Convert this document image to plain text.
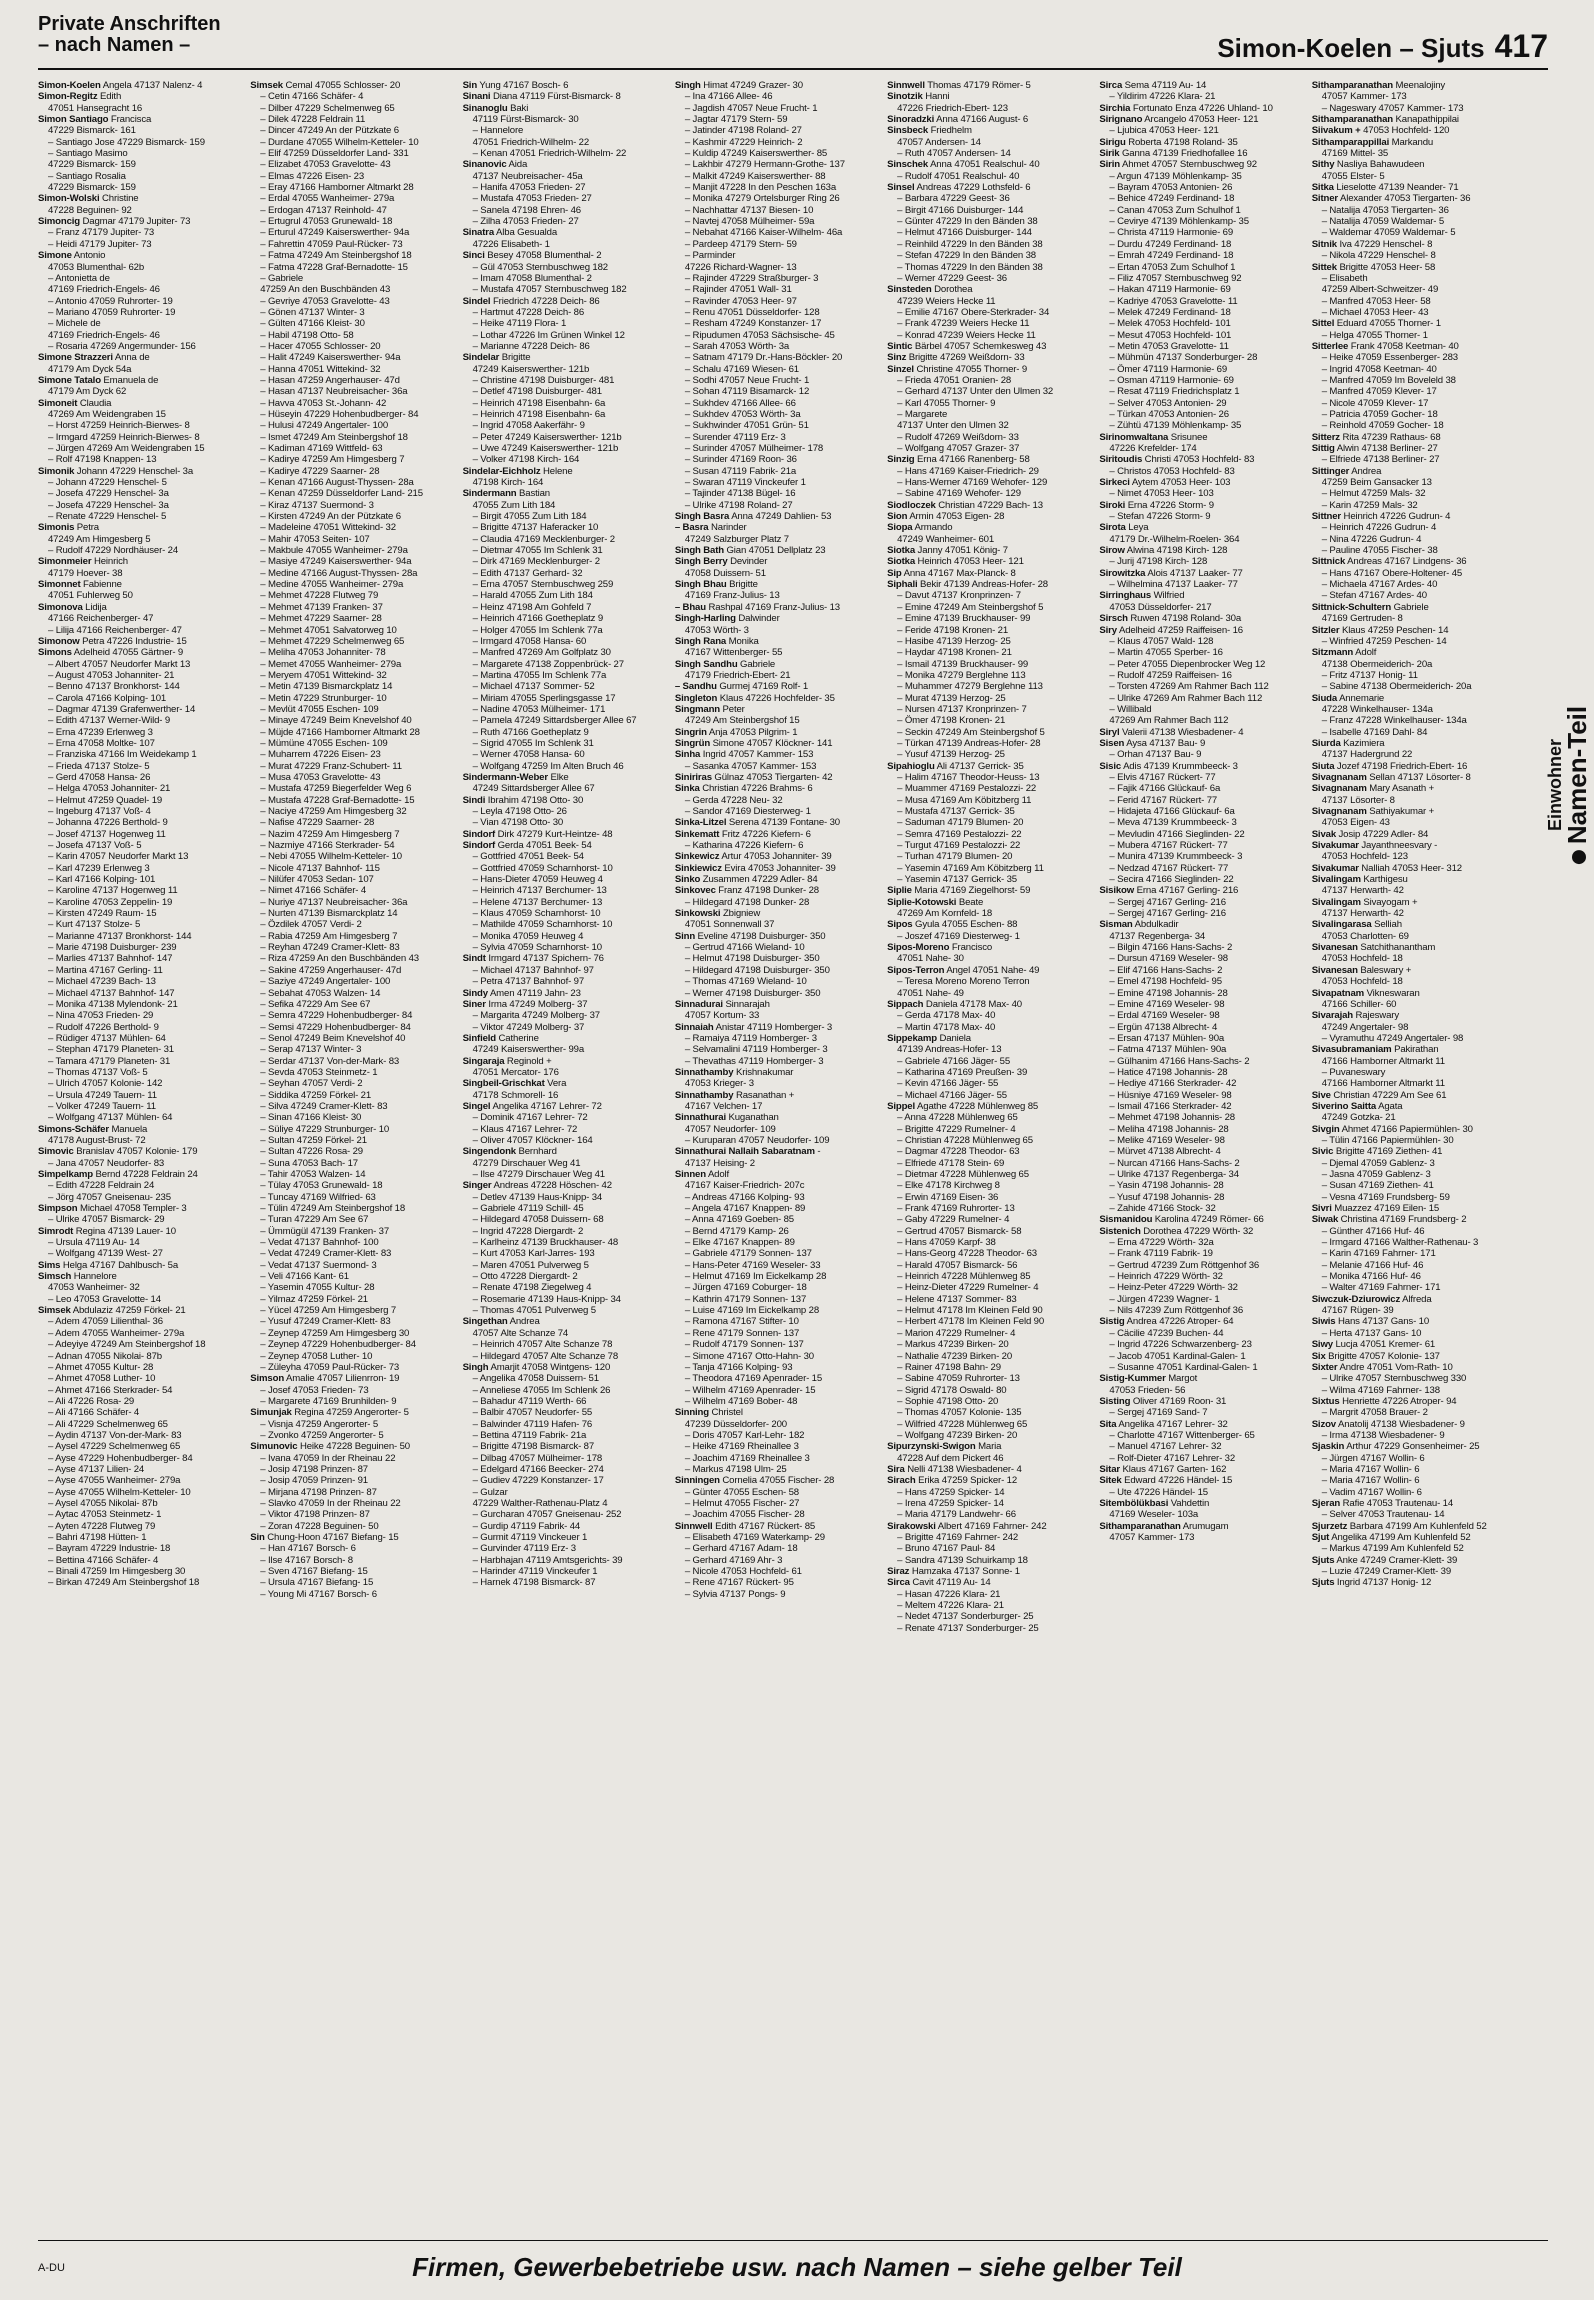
Private Anschriften
– nach Namen –	Simon-Koelen – Sjuts 417
Simon-Koelen Angela 47137 Nalenz- 4
Simon-Regitz Edith
47051 Hansegracht 16
Simon Santiago Francisca
47229 Bismarck- 161
– Santiago Jose 47229 Bismarck- 159
– Santiago Masimo
47229 Bismarck- 159
– Santiago Rosalia
47229 Bismarck- 159
Simon-Wolski Christine
47228 Beguinen- 92
Simoncig Dagmar 47179 Jupiter- 73
– Franz 47179 Jupiter- 73
– Heidi 47179 Jupiter- 73
Simone Antonio
47053 Blumenthal- 62b
– Antonietta de
47169 Friedrich-Engels- 46
– Antonio 47059 Ruhrorter- 19
– Mariano 47059 Ruhrorter- 19
– Michele de
47169 Friedrich-Engels- 46
– Rosaria 47269 Angermunder- 156
Simone Strazzeri Anna de
47179 Am Dyck 54a
Simone Tatalo Emanuela de
47179 Am Dyck 62
Simoneit Claudia
47269 Am Weidengraben 15
– Horst 47259 Heinrich-Bierwes- 8
– Irmgard 47259 Heinrich-Bierwes- 8
– Jürgen 47269 Am Weidengraben 15
– Rolf 47198 Knappen- 13
Simonik Johann 47229 Henschel- 3a
– Johann 47229 Henschel- 5
– Josefa 47229 Henschel- 3a
– Josefa 47229 Henschel- 3a
– Renate 47229 Henschel- 5
Simonis Petra
47249 Am Himgesberg 5
– Rudolf 47229 Nordhäuser- 24
Simonmeier Heinrich
47179 Hoever- 38
Simonnet Fabienne
47051 Fuhlerweg 50
Simonova Lidija
47166 Reichenberger- 47
– Lilija 47166 Reichenberger- 47
Simonow Petra 47226 Industrie- 15
Simons Adelheid 47055 Gärtner- 9
– Albert 47057 Neudorfer Markt 13
– August 47053 Johanniter- 21
– Benno 47137 Bronkhorst- 144
– Carola 47166 Kolping- 101
– Dagmar 47139 Grafenwerther- 14
– Edith 47137 Werner-Wild- 9
– Erna 47239 Erlenweg 3
– Erna 47058 Moltke- 107
– Franziska 47166 Im Weidekamp 1
– Frieda 47137 Stolze- 5
– Gerd 47058 Hansa- 26
– Helga 47053 Johanniter- 21
– Helmut 47259 Quadel- 19
– Ingeburg 47137 Voß- 4
– Johanna 47226 Berthold- 9
– Josef 47137 Hogenweg 11
– Josefa 47137 Voß- 5
– Karin 47057 Neudorfer Markt 13
– Karl 47239 Erlenweg 3
– Karl 47166 Kolping- 101
– Karoline 47137 Hogenweg 11
– Karoline 47053 Zeppelin- 19
– Kirsten 47249 Raum- 15
– Kurt 47137 Stolze- 5
– Marianne 47137 Bronkhorst- 144
– Marie 47198 Duisburger- 239
– Marlies 47137 Bahnhof- 147
– Martina 47167 Gerling- 11
– Michael 47239 Bach- 13
– Michael 47137 Bahnhof- 147
– Monika 47138 Mylendonk- 21
– Nina 47053 Frieden- 29
– Rudolf 47226 Berthold- 9
– Rüdiger 47137 Mühlen- 64
– Stephan 47179 Planeten- 31
– Tamara 47179 Planeten- 31
– Thomas 47137 Voß- 5
– Ulrich 47057 Kolonie- 142
– Ursula 47249 Tauern- 11
– Volker 47249 Tauern- 11
– Wolfgang 47137 Mühlen- 64
Simons-Schäfer Manuela
47178 August-Brust- 72
Simovic Branislav 47057 Kolonie- 179
– Jana 47057 Neudorfer- 83
Simpelkamp Bernd 47228 Feldrain 24
– Edith 47228 Feldrain 24
– Jörg 47057 Gneisenau- 235
Simpson Michael 47058 Templer- 3
– Ulrike 47057 Bismarck- 29
Simrodt Regina 47139 Lauer- 10
– Ursula 47119 Au- 14
– Wolfgang 47139 West- 27
Sims Helga 47167 Dahlbusch- 5a
Simsch Hannelore
47053 Wanheimer- 32
– Leo 47053 Gravelotte- 14
Simsek Abdulaziz 47259 Förkel- 21
– Adem 47059 Lilienthal- 36
– Adem 47055 Wanheimer- 279a
– Adeyiye 47249 Am Steinbergshof 18
– Adnan 47055 Nikolai- 87b
– Ahmet 47055 Kultur- 28
– Ahmet 47058 Luther- 10
– Ahmet 47166 Sterkrader- 54
– Ali 47226 Rosa- 29
– Ali 47166 Schäfer- 4
– Ali 47229 Schelmenweg 65
– Aydin 47137 Von-der-Mark- 83
– Aysel 47229 Schelmenweg 65
– Ayse 47229 Hohenbudberger- 84
– Ayse 47137 Lilien- 24
– Ayse 47055 Wanheimer- 279a
– Ayse 47055 Wilhelm-Ketteler- 10
– Aysel 47055 Nikolai- 87b
– Aytac 47053 Steinmetz- 1
– Ayten 47228 Flutweg 79
– Bahri 47198 Hütten- 1
– Bayram 47229 Industrie- 18
– Bettina 47166 Schäfer- 4
– Binali 47259 Im Himgesberg 30
– Birkan 47249 Am Steinbergshof 18
Simsek Cemal 47055 Schlosser- 20
– Cetin 47166 Schäfer- 4
– Dilber 47229 Schelmenweg 65
– Dilek 47228 Feldrain 11
– Dincer 47249 An der Pützkate 6
– Durdane 47055 Wilhelm-Ketteler- 10
– Elif 47259 Düsseldorfer Land- 331
– Elizabet 47053 Gravelotte- 43
– Elmas 47226 Eisen- 23
– Eray 47166 Hamborner Altmarkt 28
– Erdal 47055 Wanheimer- 279a
– Erdogan 47137 Reinhold- 47
– Ertugrul 47053 Grunewald- 18
– Erturul 47249 Kaiserswerther- 94a
– Fahrettin 47059 Paul-Rücker- 73
– Fatma 47249 Am Steinbergshof 18
– Fatma 47228 Graf-Bernadotte- 15
– Gabriele
47259 An den Buschbänden 43
– Gevriye 47053 Gravelotte- 43
– Gönen 47137 Winter- 3
– Gülten 47166 Kleist- 30
– Habil 47198 Otto- 58
– Hacer 47055 Schlosser- 20
– Halit 47249 Kaiserswerther- 94a
– Hanna 47051 Wittekind- 32
– Hasan 47259 Angerhauser- 47d
– Hasan 47137 Neubreisacher- 36a
– Havva 47053 St.-Johann- 42
– Hüseyin 47229 Hohenbudberger- 84
– Hulusi 47249 Angertaler- 100
– Ismet 47249 Am Steinbergshof 18
– Kadiman 47169 Wittfeld- 63
– Kadirye 47259 Am Himgesberg 7
– Kadirye 47229 Saarner- 28
– Kenan 47166 August-Thyssen- 28a
– Kenan 47259 Düsseldorfer Land- 215
– Kiraz 47137 Suermond- 3
– Kirsten 47249 An der Pützkate 6
– Madeleine 47051 Wittekind- 32
– Mahir 47053 Seiten- 107
– Makbule 47055 Wanheimer- 279a
– Masiye 47249 Kaiserswerther- 94a
– Medine 47166 August-Thyssen- 28a
– Medine 47055 Wanheimer- 279a
– Mehmet 47228 Flutweg 79
– Mehmet 47139 Franken- 37
– Mehmet 47229 Saarner- 28
– Mehmet 47051 Salvatorweg 10
– Mehmet 47229 Schelmenweg 65
– Meliha 47053 Johanniter- 78
– Memet 47055 Wanheimer- 279a
– Meryem 47051 Wittekind- 32
– Metin 47139 Bismarckplatz 14
– Metin 47229 Strunburger- 10
– Mevlüt 47055 Eschen- 109
– Minaye 47249 Beim Knevelshof 40
– Müjde 47166 Hamborner Altmarkt 28
– Mümüne 47055 Eschen- 109
– Muharrem 47226 Eisen- 23
– Murat 47229 Franz-Schubert- 11
– Musa 47053 Gravelotte- 43
– Mustafa 47259 Biegerfelder Weg 6
– Mustafa 47228 Graf-Bernadotte- 15
– Naciye 47259 Am Himgesberg 32
– Nafise 47229 Saarner- 28
– Nazim 47259 Am Himgesberg 7
– Nazmiye 47166 Sterkrader- 54
– Nebi 47055 Wilhelm-Ketteler- 10
– Nicole 47137 Bahnhof- 115
– Nilüfer 47053 Sedan- 107
– Nimet 47166 Schäfer- 4
– Nuriye 47137 Neubreisacher- 36a
– Nurten 47139 Bismarckplatz 14
– Özdilek 47057 Verdi- 2
– Rabia 47259 Am Himgesberg 7
– Reyhan 47249 Cramer-Klett- 83
– Riza 47259 An den Buschbänden 43
– Sakine 47259 Angerhauser- 47d
– Saziye 47249 Angertaler- 100
– Sebahat 47053 Walzen- 14
– Sefika 47229 Am See 67
– Semra 47229 Hohenbudberger- 84
– Semsi 47229 Hohenbudberger- 84
– Senol 47249 Beim Knevelshof 40
– Serap 47137 Winter- 3
– Serdar 47137 Von-der-Mark- 83
– Sevda 47053 Steinmetz- 1
– Seyhan 47057 Verdi- 2
– Siddika 47259 Förkel- 21
– Silva 47249 Cramer-Klett- 83
– Sinan 47166 Kleist- 30
– Süliye 47229 Strunburger- 10
– Sultan 47259 Förkel- 21
– Sultan 47226 Rosa- 29
– Suna 47053 Bach- 17
– Tahir 47053 Walzen- 14
– Tülay 47053 Grunewald- 18
– Tuncay 47169 Wilfried- 63
– Tülin 47249 Am Steinbergshof 18
– Turan 47229 Am See 67
– Ümmügül 47139 Franken- 37
– Vedat 47137 Bahnhof- 100
– Vedat 47249 Cramer-Klett- 83
– Vedat 47137 Suermond- 3
– Veli 47166 Kant- 61
– Yasemin 47055 Kultur- 28
– Yilmaz 47259 Förkel- 21
– Yücel 47259 Am Himgesberg 7
– Yusuf 47249 Cramer-Klett- 83
– Zeynep 47259 Am Himgesberg 30
– Zeynep 47229 Hohenbudberger- 84
– Zeynep 47058 Luther- 10
– Züleyha 47059 Paul-Rücker- 73
Simson Amalie 47057 Lilienrron- 19
– Josef 47053 Frieden- 73
– Margarete 47169 Brunhilden- 9
Simunjak Regina 47259 Angerorter- 5
– Visnja 47259 Angerorter- 5
– Zvonko 47259 Angerorter- 5
Simunovic Heike 47228 Beguinen- 50
– Ivana 47059 In der Rheinau 22
– Josip 47198 Prinzen- 87
– Josip 47059 Prinzen- 91
– Mirjana 47198 Prinzen- 87
– Slavko 47059 In der Rheinau 22
– Viktor 47198 Prinzen- 87
– Zoran 47228 Beguinen- 50
Sin Chung-Hoon 47167 Biefang- 15
– Han 47167 Borsch- 6
– Ilse 47167 Borsch- 8
– Sven 47167 Biefang- 15
– Ursula 47167 Biefang- 15
– Young Mi 47167 Borsch- 6
Sin Yung 47167 Bosch- 6
Sinani Diana 47119 Fürst-Bismarck- 8
Sinanoglu Baki
47119 Fürst-Bismarck- 30
– Hannelore
47051 Friedrich-Wilhelm- 22
– Kenan 47051 Friedrich-Wilhelm- 22
Sinanovic Aida
47137 Neubreisacher- 45a
– Hanifa 47053 Frieden- 27
– Mustafa 47053 Frieden- 27
– Sanela 47198 Ehren- 46
– Zilha 47053 Frieden- 27
Sinatra Alba Gesualda
47226 Elisabeth- 1
Sinci Besey 47058 Blumenthal- 2
– Gül 47053 Sternbuschweg 182
– Imam 47058 Blumenthal- 2
– Mustafa 47057 Sternbuschweg 182
Sindel Friedrich 47228 Deich- 86
– Hartmut 47228 Deich- 86
– Heike 47119 Flora- 1
– Lothar 47226 Im Grünen Winkel 12
– Marianne 47228 Deich- 86
Sindelar Brigitte
47249 Kaiserswerther- 121b
– Christine 47198 Duisburger- 481
– Detlef 47198 Duisburger- 481
– Heinrich 47198 Eisenbahn- 6a
– Heinrich 47198 Eisenbahn- 6a
– Ingrid 47058 Aakerfähr- 9
– Peter 47249 Kaiserswerther- 121b
– Uwe 47249 Kaiserswerther- 121b
– Volker 47198 Kirch- 164
Sindelar-Eichholz Helene
47198 Kirch- 164
Sindermann Bastian
47055 Zum Lith 184
– Birgit 47055 Zum Lith 184
– Brigitte 47137 Haferacker 10
– Claudia 47169 Mecklenburger- 2
– Dietmar 47055 Im Schlenk 31
– Dirk 47169 Mecklenburger- 2
– Edith 47137 Gerhard- 32
– Erna 47057 Sternbuschweg 259
– Harald 47055 Zum Lith 184
– Heinz 47198 Am Gohfeld 7
– Heinrich 47166 Goetheplatz 9
– Holger 47055 Im Schlenk 77a
– Irmgard 47058 Hansa- 60
– Manfred 47269 Am Golfplatz 30
– Margarete 47138 Zoppenbrück- 27
– Martina 47055 Im Schlenk 77a
– Michael 47137 Sommer- 52
– Miriam 47055 Sperlingsgasse 17
– Nadine 47053 Mülheimer- 171
– Pamela 47249 Sittardsberger Allee 67
– Ruth 47166 Goetheplatz 9
– Sigrid 47055 Im Schlenk 31
– Werner 47058 Hansa- 60
– Wolfgang 47259 Im Alten Bruch 46
Sindermann-Weber Elke
47249 Sittardsberger Allee 67
Sindi Ibrahim 47198 Otto- 30
– Leyla 47198 Otto- 26
– Vian 47198 Otto- 30
Sindorf Dirk 47279 Kurt-Heintze- 48
Sindorf Gerda 47051 Beek- 54
– Gottfried 47051 Beek- 54
– Gottfried 47059 Scharnhorst- 10
– Hans-Dieter 47059 Heuweg 4
– Heinrich 47137 Berchumer- 13
– Helene 47137 Berchumer- 13
– Klaus 47059 Scharnhorst- 10
– Mathilde 47059 Scharnhorst- 10
– Monika 47059 Heuweg 4
– Sylvia 47059 Scharnhorst- 10
Sindt Irmgard 47137 Spichern- 76
– Michael 47137 Bahnhof- 97
– Petra 47137 Bahnhof- 97
Sindy Amen 47119 Jahn- 23
Siner Irma 47249 Molberg- 37
– Margarita 47249 Molberg- 37
– Viktor 47249 Molberg- 37
Sinfield Catherine
47249 Kaiserswerther- 99a
Singaraja Reginold +
47051 Mercator- 176
Singbeil-Grischkat Vera
47178 Schmorell- 16
Singel Angelika 47167 Lehrer- 72
– Dominik 47167 Lehrer- 72
– Klaus 47167 Lehrer- 72
– Oliver 47057 Klöckner- 164
Singendonk Bernhard
47279 Dirschauer Weg 41
– Ilse 47279 Dirschauer Weg 41
Singer Andreas 47228 Höschen- 42
– Detlev 47139 Haus-Knipp- 34
– Gabriele 47119 Schill- 45
– Hildegard 47058 Duissern- 68
– Ingrid 47228 Diergardt- 2
– Karlheinz 47139 Bruckhauser- 48
– Kurt 47053 Karl-Jarres- 193
– Maren 47051 Pulverweg 5
– Otto 47228 Diergardt- 2
– Renate 47198 Ziegelweg 4
– Rosemarie 47139 Haus-Knipp- 34
– Thomas 47051 Pulverweg 5
Singethan Andrea
47057 Alte Schanze 74
– Heinrich 47057 Alte Schanze 78
– Hildegard 47057 Alte Schanze 78
Singh Amarjit 47058 Wintgens- 120
– Angelika 47058 Duissern- 51
– Anneliese 47055 Im Schlenk 26
– Bahadur 47119 Werth- 66
– Balbir 47057 Neudorfer- 55
– Balwinder 47119 Hafen- 76
– Bettina 47119 Fabrik- 21a
– Brigitte 47198 Bismarck- 87
– Dilbag 47057 Mülheimer- 178
– Edelgard 47166 Beecker- 274
– Gudiev 47229 Konstanzer- 17
– Gulzar
47229 Walther-Rathenau-Platz 4
– Gurcharan 47057 Gneisenau- 252
– Gurdip 47119 Fabrik- 44
– Gurmit 47119 Vinckeuer 1
– Gurvinder 47119 Erz- 3
– Harbhajan 47119 Amtsgerichts- 39
– Harinder 47119 Vinckeufer 1
– Harnek 47198 Bismarck- 87
Singh Himat 47249 Grazer- 30
– Ina 47166 Allee- 46
– Jagdish 47057 Neue Frucht- 1
– Jagtar 47179 Stern- 59
– Jatinder 47198 Roland- 27
– Kashmir 47229 Heinrich- 2
– Kuldip 47249 Kaiserswerther- 85
– Lakhbir 47279 Hermann-Grothe- 137
– Malkit 47249 Kaiserswerther- 88
– Manjit 47228 In den Peschen 163a
– Monika 47279 Ortelsburger Ring 26
– Nachhattar 47137 Biesen- 10
– Navtej 47058 Mülheimer- 59a
– Nebahat 47166 Kaiser-Wilhelm- 46a
– Pardeep 47179 Stern- 59
– Parminder
47226 Richard-Wagner- 13
– Rajinder 47229 Straßburger- 3
– Rajinder 47051 Wall- 31
– Ravinder 47053 Heer- 97
– Renu 47051 Düsseldorfer- 128
– Resham 47249 Konstanzer- 17
– Ripudumen 47053 Sächsische- 45
– Sarah 47053 Wörth- 3a
– Satnam 47179 Dr.-Hans-Böckler- 20
– Schalu 47169 Wiesen- 61
– Sodhi 47057 Neue Frucht- 1
– Sohan 47119 Bisamarck- 12
– Sukhdev 47166 Allee- 66
– Sukhdev 47053 Wörth- 3a
– Sukhwinder 47051 Grün- 51
– Surender 47119 Erz- 3
– Surinder 47057 Mülheimer- 178
– Surinder 47169 Roon- 36
– Susan 47119 Fabrik- 21a
– Swaran 47119 Vinckeufer 1
– Tajinder 47138 Bügel- 16
– Ulrike 47198 Roland- 27
Singh Basra Anna 47249 Dahlien- 53
– Basra Narinder
47249 Salzburger Platz 7
Singh Bath Gian 47051 Dellplatz 23
Singh Berry Devinder
47058 Duissern- 51
Singh Bhau Brigitte
47169 Franz-Julius- 13
– Bhau Rashpal 47169 Franz-Julius- 13
Singh-Harling Dalwinder
47053 Wörth- 3
Singh Rana Monika
47167 Wittenberger- 55
Singh Sandhu Gabriele
47179 Friedrich-Ebert- 21
– Sandhu Gurmej 47169 Rolf- 1
Singleton Klaus 47226 Hochfelder- 35
Singmann Peter
47249 Am Steinbergshof 15
Singrin Anja 47053 Pilgrim- 1
Singrün Simone 47057 Klöckner- 141
Sinha Ingrid 47057 Kammer- 153
– Sasanka 47057 Kammer- 153
Siniriras Gülnaz 47053 Tiergarten- 42
Sinka Christian 47226 Brahms- 6
– Gerda 47228 Neu- 32
– Sandor 47169 Diesterweg- 1
Sinka-Litzel Serena 47139 Fontane- 30
Sinkematt Fritz 47226 Kiefern- 6
– Katharina 47226 Kiefern- 6
Sinkewicz Artur 47053 Johanniter- 39
Sinkiewicz Evira 47053 Johanniter- 39
Sinko Zusammen 47229 Adler- 84
Sinkovec Franz 47198 Dunker- 28
– Hildegard 47198 Dunker- 28
Sinkowski Zbigniew
47051 Sonnenwall 37
Sinn Eveline 47198 Duisburger- 350
– Gertrud 47166 Wieland- 10
– Helmut 47198 Duisburger- 350
– Hildegard 47198 Duisburger- 350
– Thomas 47169 Wieland- 10
– Werner 47198 Duisburger- 350
Sinnadurai Sinnarajah
47057 Kortum- 33
Sinnaiah Anistar 47119 Homberger- 3
– Ramaiya 47119 Homberger- 3
– Selvamalini 47119 Homberger- 3
– Thevathas 47119 Homberger- 3
Sinnathamby Krishnakumar
47053 Krieger- 3
Sinnathamby Rasanathan +
47167 Velchen- 17
Sinnathurai Kuganathan
47057 Neudorfer- 109
– Kuruparan 47057 Neudorfer- 109
Sinnathurai Nallaih Sabaratnam -
47137 Heising- 2
Sinnen Adolf
47167 Kaiser-Friedrich- 207c
– Andreas 47166 Kolping- 93
– Angela 47167 Knappen- 89
– Anna 47169 Goeben- 85
– Bernd 47179 Kamp- 26
– Elke 47167 Knappen- 89
– Gabriele 47179 Sonnen- 137
– Hans-Peter 47169 Weseler- 33
– Helmut 47169 Im Eickelkamp 28
– Jürgen 47169 Coburger- 18
– Kathrin 47179 Sonnen- 137
– Luise 47169 Im Eickelkamp 28
– Ramona 47167 Stifter- 10
– Rene 47179 Sonnen- 137
– Rudolf 47179 Sonnen- 137
– Simone 47167 Otto-Hahn- 30
– Tanja 47166 Kolping- 93
– Theodora 47169 Apenrader- 15
– Wilhelm 47169 Apenrader- 15
– Wilhelm 47169 Bober- 48
Sinning Christel
47239 Düsseldorfer- 200
– Doris 47057 Karl-Lehr- 182
– Heike 47169 Rheinallee 3
– Joachim 47169 Rheinallee 3
– Markus 47198 Ulm- 25
Sinningen Cornelia 47055 Fischer- 28
– Günter 47055 Eschen- 58
– Helmut 47055 Fischer- 27
– Joachim 47055 Fischer- 28
Sinnwell Edith 47167 Rückert- 85
– Elisabeth 47169 Waterkamp- 29
– Gerhard 47167 Adam- 18
– Gerhard 47169 Ahr- 3
– Nicole 47053 Hochfeld- 61
– Rene 47167 Rückert- 95
– Sylvia 47137 Pongs- 9
Sinnwell Thomas 47179 Römer- 5
Sinotzik Hanni
47226 Friedrich-Ebert- 123
Sinoradzki Anna 47166 August- 6
Sinsbeck Friedhelm
47057 Andersen- 14
– Ruth 47057 Andersen- 14
Sinschek Anna 47051 Realschul- 40
– Rudolf 47051 Realschul- 40
Sinsel Andreas 47229 Lothsfeld- 6
– Barbara 47229 Geest- 36
– Birgit 47166 Duisburger- 144
– Günter 47229 In den Bänden 38
– Helmut 47166 Duisburger- 144
– Reinhild 47229 In den Bänden 38
– Stefan 47229 In den Bänden 38
– Thomas 47229 In den Bänden 38
– Werner 47229 Geest- 36
Sinsteden Dorothea
47239 Weiers Hecke 11
– Emilie 47167 Obere-Sterkrader- 34
– Frank 47239 Weiers Hecke 11
– Konrad 47239 Weiers Hecke 11
Sintic Bärbel 47057 Schemkesweg 43
Sinz Brigitte 47269 Weißdorn- 33
Sinzel Christine 47055 Thorner- 9
– Frieda 47051 Oranien- 28
– Gerhard 47137 Unter den Ulmen 32
– Karl 47055 Thorner- 9
– Margarete
47137 Unter den Ulmen 32
– Rudolf 47269 Weißdorn- 33
– Wolfgang 47057 Grazer- 37
Sinzig Erna 47166 Ranenberg- 58
– Hans 47169 Kaiser-Friedrich- 29
– Hans-Werner 47169 Wehofer- 129
– Sabine 47169 Wehofer- 129
Siodloczek Christian 47229 Bach- 13
Sion Armin 47053 Eigen- 28
Siopa Armando
47249 Wanheimer- 601
Siotka Janny 47051 König- 7
Siotka Heinrich 47053 Heer- 121
Sip Anna 47167 Max-Planck- 8
Siphali Bekir 47139 Andreas-Hofer- 28
– Davut 47137 Kronprinzen- 7
– Emine 47249 Am Steinbergshof 5
– Emine 47139 Bruckhauser- 99
– Feride 47198 Kronen- 21
– Hasibe 47139 Herzog- 25
– Haydar 47198 Kronen- 21
– Ismail 47139 Bruckhauser- 99
– Monika 47279 Berglehne 113
– Muhammer 47279 Berglehne 113
– Murat 47139 Herzog- 25
– Nursen 47137 Kronprinzen- 7
– Ömer 47198 Kronen- 21
– Seckin 47249 Am Steinbergshof 5
– Türkan 47139 Andreas-Hofer- 28
– Yusuf 47139 Herzog- 25
Sipahioglu Ali 47137 Gerrick- 35
– Halim 47167 Theodor-Heuss- 13
– Muammer 47169 Pestalozzi- 22
– Musa 47169 Am Köbitzberg 11
– Mustafa 47137 Gerrick- 35
– Saduman 47179 Blumen- 20
– Semra 47169 Pestalozzi- 22
– Turgut 47169 Pestalozzi- 22
– Turhan 47179 Blumen- 20
– Yasemin 47169 Am Köbitzberg 11
– Yasemin 47137 Gerrick- 35
Siplie Maria 47169 Ziegelhorst- 59
Siplie-Kotowski Beate
47269 Am Kornfeld- 18
Sipos Gyula 47055 Eschen- 88
– Joszef 47169 Diesterweg- 1
Sipos-Moreno Francisco
47051 Nahe- 30
Sipos-Terron Angel 47051 Nahe- 49
– Teresa Moreno Moreno Terron
47051 Nahe- 49
Sippach Daniela 47178 Max- 40
– Gerda 47178 Max- 40
– Martin 47178 Max- 40
Sippekamp Daniela
47139 Andreas-Hofer- 13
– Gabriele 47166 Jäger- 55
– Katharina 47169 Preußen- 39
– Kevin 47166 Jäger- 55
– Michael 47166 Jäger- 55
Sippel Agathe 47228 Mühlenweg 85
– Anna 47228 Mühlenweg 65
– Brigitte 47229 Rumelner- 4
– Christian 47228 Mühlenweg 65
– Dagmar 47228 Theodor- 63
– Elfriede 47178 Stein- 69
– Dietmar 47228 Mühlenweg 65
– Elke 47178 Kirchweg 8
– Erwin 47169 Eisen- 36
– Frank 47169 Ruhrorter- 13
– Gaby 47229 Rumelner- 4
– Gertrud 47057 Bismarck- 58
– Hans 47059 Karpf- 38
– Hans-Georg 47228 Theodor- 63
– Harald 47057 Bismarck- 56
– Heinrich 47228 Mühlenweg 85
– Heinz-Dieter 47229 Rumelner- 4
– Helene 47137 Sommer- 83
– Helmut 47178 Im Kleinen Feld 90
– Herbert 47178 Im Kleinen Feld 90
– Marion 47229 Rumelner- 4
– Markus 47239 Birken- 20
– Nathalie 47239 Birken- 20
– Rainer 47198 Bahn- 29
– Sabine 47059 Ruhrorter- 13
– Sigrid 47178 Oswald- 80
– Sophie 47198 Otto- 20
– Thomas 47057 Kolonie- 135
– Wilfried 47228 Mühlenweg 65
– Wolfgang 47239 Birken- 20
Sipurzynski-Swigon Maria
47228 Auf dem Pickert 46
Sira Nelli 47138 Wiesbadener- 4
Sirach Erika 47259 Spicker- 12
– Hans 47259 Spicker- 14
– Irena 47259 Spicker- 14
– Maria 47179 Landwehr- 66
Sirakowski Albert 47169 Fahrner- 242
– Brigitte 47169 Fahrner- 242
– Bruno 47167 Paul- 84
– Sandra 47139 Schuirkamp 18
Siraz Hamzaka 47137 Sonne- 1
Sirca Cavit 47119 Au- 14
– Hasan 47226 Klara- 21
– Meltem 47226 Klara- 21
– Nedet 47137 Sonderburger- 25
– Renate 47137 Sonderburger- 25
Sirca Sema 47119 Au- 14
– Yildirim 47226 Klara- 21
Sirchia Fortunato Enza 47226 Uhland- 10
Sirignano Arcangelo 47053 Heer- 121
– Ljubica 47053 Heer- 121
Sirigu Roberta 47198 Roland- 35
Sirik Ganna 47139 Friedhofallee 16
Sirin Ahmet 47057 Sternbuschweg 92
– Argun 47139 Möhlenkamp- 35
– Bayram 47053 Antonien- 26
– Behice 47249 Ferdinand- 18
– Canan 47053 Zum Schulhof 1
– Cevirye 47139 Möhlenkamp- 35
– Christa 47119 Harmonie- 69
– Durdu 47249 Ferdinand- 18
– Emrah 47249 Ferdinand- 18
– Ertan 47053 Zum Schulhof 1
– Filiz 47057 Sternbuschweg 92
– Hakan 47119 Harmonie- 69
– Kadriye 47053 Gravelotte- 11
– Melek 47249 Ferdinand- 18
– Melek 47053 Hochfeld- 101
– Mesut 47053 Hochfeld- 101
– Metin 47053 Gravelotte- 11
– Mühmün 47137 Sonderburger- 28
– Ömer 47119 Harmonie- 69
– Osman 47119 Harmonie- 69
– Resat 47119 Friedrichsplatz 1
– Selver 47053 Antonien- 29
– Türkan 47053 Antonien- 26
– Zühtü 47139 Möhlenkamp- 35
Sirinomwaltana Srisunee
47226 Krefelder- 174
Siritoudis Christi 47053 Hochfeld- 83
– Christos 47053 Hochfeld- 83
Sirkeci Aytem 47053 Heer- 103
– Nimet 47053 Heer- 103
Siroki Erna 47226 Storm- 9
– Stefan 47226 Storm- 9
Sirota Leya
47179 Dr.-Wilhelm-Roelen- 364
Sirow Alwina 47198 Kirch- 128
– Jurij 47198 Kirch- 128
Sirowitzka Alois 47137 Laaker- 77
– Wilhelmina 47137 Laaker- 77
Sirringhaus Wilfried
47053 Düsseldorfer- 217
Sirsch Ruwen 47198 Roland- 30a
Siry Adelheid 47259 Raiffeisen- 16
– Klaus 47057 Wald- 128
– Martin 47055 Sperber- 16
– Peter 47055 Diepenbrocker Weg 12
– Rudolf 47259 Raiffeisen- 16
– Torsten 47269 Am Rahmer Bach 112
– Ulrike 47269 Am Rahmer Bach 112
– Willibald
47269 Am Rahmer Bach 112
Siryl Valerii 47138 Wiesbadener- 4
Sisen Aysa 47137 Bau- 9
– Orhan 47137 Bau- 9
Sisic Adis 47139 Krummbeeck- 3
– Elvis 47167 Rückert- 77
– Fajik 47166 Glückauf- 6a
– Ferid 47167 Rückert- 77
– Hidajeta 47166 Glückauf- 6a
– Meva 47139 Krummbeeck- 3
– Mevludin 47166 Sieglinden- 22
– Mubera 47167 Rückert- 77
– Munira 47139 Krummbeeck- 3
– Nedzad 47167 Rückert- 77
– Secira 47166 Sieglinden- 22
Sisikow Erna 47167 Gerling- 216
– Sergej 47167 Gerling- 216
– Sergej 47167 Gerling- 216
Sisman Abdulkadir
47137 Regenberga- 34
– Bilgin 47166 Hans-Sachs- 2
– Dursun 47169 Weseler- 98
– Elif 47166 Hans-Sachs- 2
– Emel 47198 Hochfeld- 95
– Emine 47198 Johannis- 28
– Emine 47169 Weseler- 98
– Erdal 47169 Weseler- 98
– Ergün 47138 Albrecht- 4
– Ersan 47137 Mühlen- 90a
– Fatma 47137 Mühlen- 90a
– Gülhanim 47166 Hans-Sachs- 2
– Hatice 47198 Johannis- 28
– Hediye 47166 Sterkrader- 42
– Hüsniye 47169 Weseler- 98
– Ismail 47166 Sterkrader- 42
– Mehmet 47198 Johannis- 28
– Meliha 47198 Johannis- 28
– Melike 47169 Weseler- 98
– Mürvet 47138 Albrecht- 4
– Nurcan 47166 Hans-Sachs- 2
– Ulrike 47137 Regenberga- 34
– Yasin 47198 Johannis- 28
– Yusuf 47198 Johannis- 28
– Zahide 47166 Stock- 32
Sismanidou Karolina 47249 Römer- 66
Sistenich Dorothea 47229 Wörth- 32
– Erna 47229 Wörth- 32a
– Frank 47119 Fabrik- 19
– Gertrud 47239 Zum Röttgenhof 36
– Heinrich 47229 Wörth- 32
– Heinz-Peter 47229 Wörth- 32
– Jürgen 47239 Wagner- 1
– Nils 47239 Zum Röttgenhof 36
Sistig Andrea 47226 Atroper- 64
– Cäcilie 47239 Buchen- 44
– Ingrid 47226 Schwarzenberg- 23
– Jacob 47051 Kardinal-Galen- 1
– Susanne 47051 Kardinal-Galen- 1
Sistig-Kummer Margot
47053 Frieden- 56
Sisting Oliver 47169 Roon- 31
– Sergej 47169 Sand- 7
Sita Angelika 47167 Lehrer- 32
– Charlotte 47167 Wittenberger- 65
– Manuel 47167 Lehrer- 32
– Rolf-Dieter 47167 Lehrer- 32
Sitar Klaus 47167 Garten- 162
Sitek Edward 47226 Händel- 15
– Ute 47226 Händel- 15
Sitembölükbasi Vahdettin
47169 Weseler- 103a
Sithamparanathan Arumugam
47057 Kammer- 173
Sithamparanathan Meenalojiny
47057 Kammer- 173
– Nageswary 47057 Kammer- 173
Sithamparanathan Kanapathippilai
Siivakum + 47053 Hochfeld- 120
Sithamparappillai Markandu
47169 Mittel- 35
Sithy Nasliya Bahawudeen
47055 Elster- 5
Sitka Lieselotte 47139 Neander- 71
Sitner Alexander 47053 Tiergarten- 36
– Natalija 47053 Tiergarten- 36
– Natalija 47059 Waldemar- 5
– Waldemar 47059 Waldemar- 5
Sitnik Iva 47229 Henschel- 8
– Nikola 47229 Henschel- 8
Sittek Brigitte 47053 Heer- 58
– Elisabeth
47259 Albert-Schweitzer- 49
– Manfred 47053 Heer- 58
– Michael 47053 Heer- 43
Sittel Eduard 47055 Thorner- 1
– Helga 47055 Thorner- 1
Sitterlee Frank 47058 Keetman- 40
– Heike 47059 Essenberger- 283
– Ingrid 47058 Keetman- 40
– Manfred 47059 Im Boveleld 38
– Manfred 47059 Klever- 17
– Nicole 47059 Klever- 17
– Patricia 47059 Gocher- 18
– Reinhold 47059 Gocher- 18
Sitterz Rita 47239 Rathaus- 68
Sittig Alwin 47138 Berliner- 27
– Elfriede 47138 Berliner- 27
Sittinger Andrea
47259 Beim Gansacker 13
– Helmut 47259 Mals- 32
– Karin 47259 Mals- 32
Sittner Heinrich 47226 Gudrun- 4
– Heinrich 47226 Gudrun- 4
– Nina 47226 Gudrun- 4
– Pauline 47055 Fischer- 38
Sittnick Andreas 47167 Lindgens- 36
– Hans 47167 Obere-Holtener- 45
– Michaela 47167 Ardes- 40
– Stefan 47167 Ardes- 40
Sittnick-Schultern Gabriele
47169 Gertruden- 8
Sitzler Klaus 47259 Peschen- 14
– Winfried 47259 Peschen- 14
Sitzmann Adolf
47138 Obermeiderich- 20a
– Fritz 47137 Honig- 11
– Sabine 47138 Obermeiderich- 20a
Siuda Annemarie
47228 Winkelhauser- 134a
– Franz 47228 Winkelhauser- 134a
– Isabelle 47169 Dahl- 84
Siurda Kazimiera
47137 Hadergrund 22
Siuta Jozef 47198 Friedrich-Ebert- 16
Sivagnanam Sellan 47137 Lösorter- 8
Sivagnanam Mary Asanath +
47137 Lösorter- 8
Sivagnanam Sathiyakumar +
47053 Eigen- 43
Sivak Josip 47229 Adler- 84
Sivakumar Jayanthneesvary -
47053 Hochfeld- 123
Sivakumar Nalliah 47053 Heer- 312
Sivalingam Karthigesu
47137 Herwarth- 42
Sivalingam Sivayogam +
47137 Herwarth- 42
Sivalingarasa Selliah
47053 Charlotten- 69
Sivanesan Satchithanantham
47053 Hochfeld- 18
Sivanesan Baleswary +
47053 Hochfeld- 18
Sivapatnam Vikneswaran
47166 Schiller- 60
Sivarajah Rajeswary
47249 Angertaler- 98
– Vyramuthu 47249 Angertaler- 98
Sivasubramaniam Pakirathan
47166 Hamborner Altmarkt 11
– Puvaneswary
47166 Hamborner Altmarkt 11
Sive Christian 47229 Am See 61
Siverino Saitta Agata
47249 Gotzka- 21
Sivgin Ahmet 47166 Papiermühlen- 30
– Tülin 47166 Papiermühlen- 30
Sivic Brigitte 47169 Ziethen- 41
– Djemal 47059 Gablenz- 3
– Jasna 47059 Gablenz- 3
– Susan 47169 Ziethen- 41
– Vesna 47169 Frundsberg- 59
Sivri Muazzez 47169 Eilen- 15
Siwak Christina 47169 Frundsberg- 2
– Günther 47166 Huf- 46
– Irmgard 47166 Walther-Rathenau- 3
– Karin 47169 Fahrner- 171
– Melanie 47166 Huf- 46
– Monika 47166 Huf- 46
– Walter 47169 Fahrner- 171
Siwczuk-Dziurowicz Alfreda
47167 Rügen- 39
Siwis Hans 47137 Gans- 10
– Herta 47137 Gans- 10
Siwy Lucja 47051 Kremer- 61
Six Brigitte 47057 Kolonie- 137
Sixter Andre 47051 Vom-Rath- 10
– Ulrike 47057 Sternbuschweg 330
– Wilma 47169 Fahrner- 138
Sixtus Henriette 47226 Atroper- 94
– Margrit 47058 Brauer- 2
Sizov Anatolij 47138 Wiesbadener- 9
– Irma 47138 Wiesbadener- 9
Sjaskin Arthur 47229 Gonsenheimer- 25
– Jürgen 47167 Wollin- 6
– Maria 47167 Wollin- 6
– Maria 47167 Wollin- 6
– Vadim 47167 Wollin- 6
Sjeran Rafie 47053 Trautenau- 14
– Selver 47053 Trautenau- 14
Sjurzetz Barbara 47199 Am Kuhlenfeld 52
Sjut Angelika 47199 Am Kuhlenfeld 52
– Markus 47199 Am Kuhlenfeld 52
Sjuts Anke 47249 Cramer-Klett- 39
– Luzie 47249 Cramer-Klett- 39
Sjuts Ingrid 47137 Honig- 12
Einwohner
Namen-Teil
A-DU	Firmen, Gewerbebetriebe usw. nach Namen – siehe gelber Teil
